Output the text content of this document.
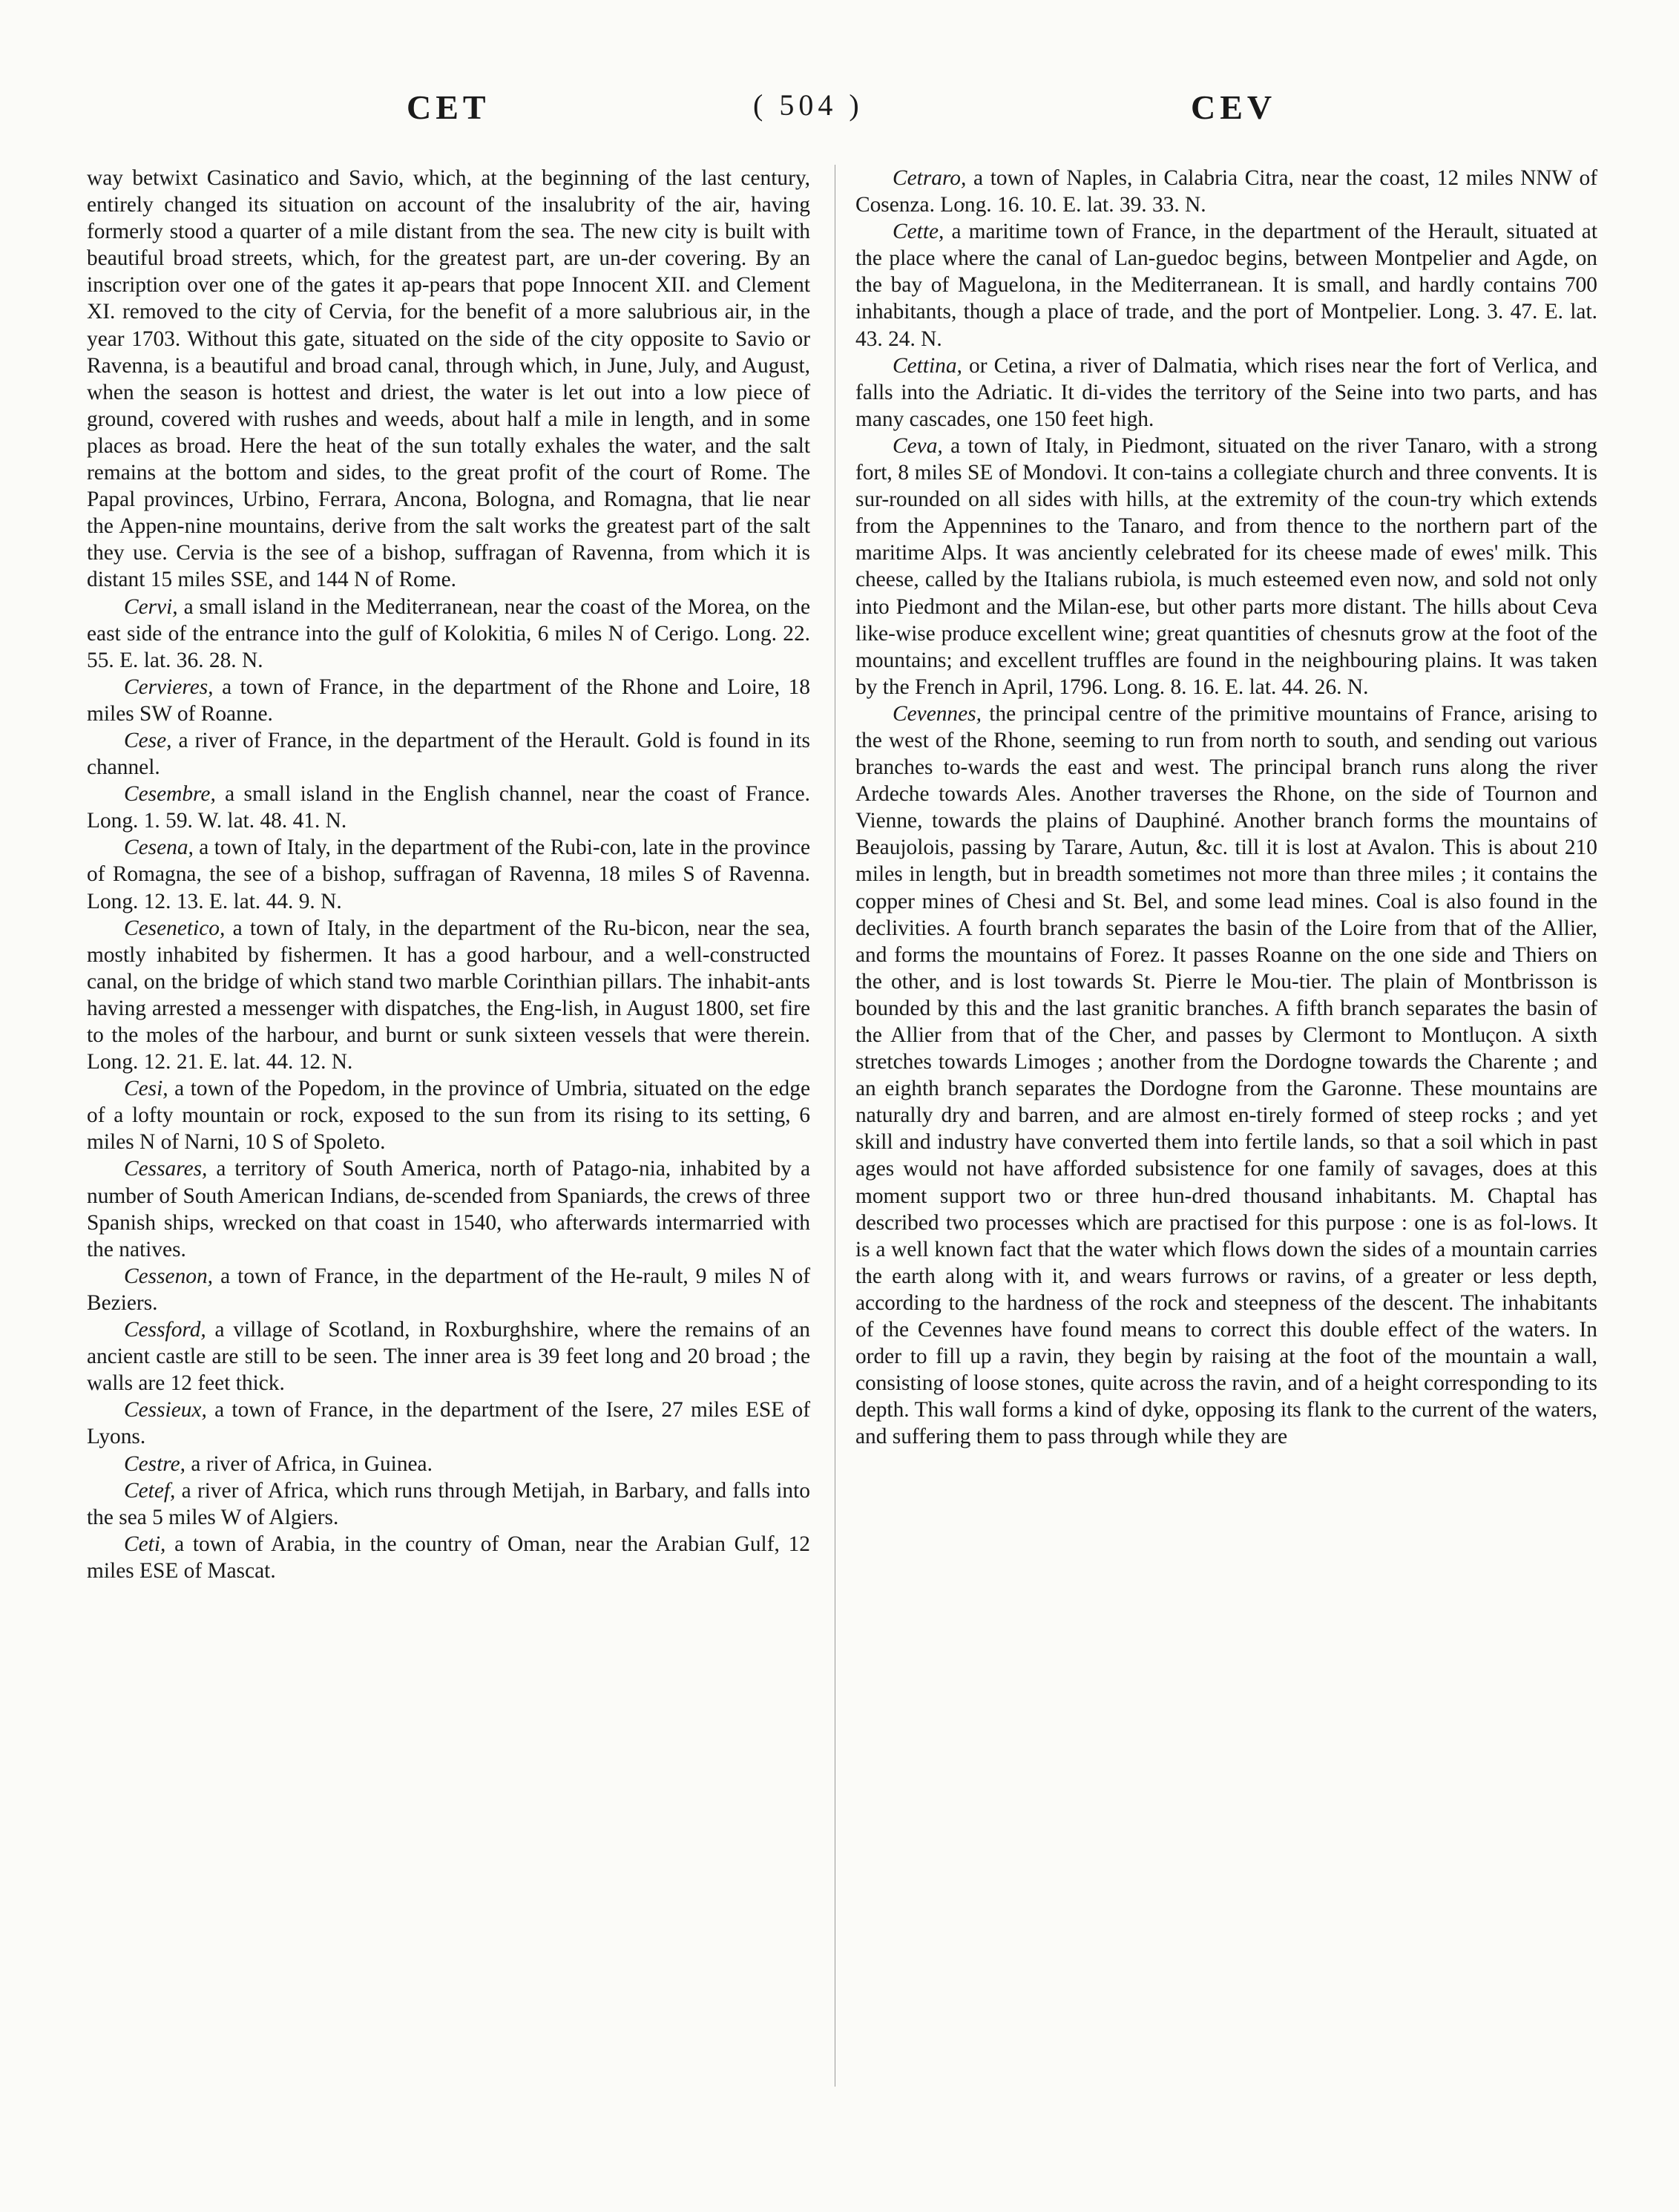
CET	( 504 )	CEV

way betwixt Casinatico and Savio, which, at the beginning of the last century, entirely changed its situation on account of the insalubrity of the air, having formerly stood a quarter of a mile distant from the sea. The new city is built with beautiful broad streets, which, for the greatest part, are un-der covering. By an inscription over one of the gates it ap-pears that pope Innocent XII. and Clement XI. removed to the city of Cervia, for the benefit of a more salubrious air, in the year 1703. Without this gate, situated on the side of the city opposite to Savio or Ravenna, is a beautiful and broad canal, through which, in June, July, and August, when the season is hottest and driest, the water is let out into a low piece of ground, covered with rushes and weeds, about half a mile in length, and in some places as broad. Here the heat of the sun totally exhales the water, and the salt remains at the bottom and sides, to the great profit of the court of Rome. The Papal provinces, Urbino, Ferrara, Ancona, Bologna, and Romagna, that lie near the Appen-nine mountains, derive from the salt works the greatest part of the salt they use. Cervia is the see of a bishop, suffragan of Ravenna, from which it is distant 15 miles SSE, and 144 N of Rome.

Cervi, a small island in the Mediterranean, near the coast of the Morea, on the east side of the entrance into the gulf of Kolokitia, 6 miles N of Cerigo. Long. 22. 55. E. lat. 36. 28. N.

Cervieres, a town of France, in the department of the Rhone and Loire, 18 miles SW of Roanne.

Cese, a river of France, in the department of the Herault. Gold is found in its channel.

Cesembre, a small island in the English channel, near the coast of France. Long. 1. 59. W. lat. 48. 41. N.

Cesena, a town of Italy, in the department of the Rubi-con, late in the province of Romagna, the see of a bishop, suffragan of Ravenna, 18 miles S of Ravenna. Long. 12. 13. E. lat. 44. 9. N.

Cesenetico, a town of Italy, in the department of the Ru-bicon, near the sea, mostly inhabited by fishermen. It has a good harbour, and a well-constructed canal, on the bridge of which stand two marble Corinthian pillars. The inhabit-ants having arrested a messenger with dispatches, the Eng-lish, in August 1800, set fire to the moles of the harbour, and burnt or sunk sixteen vessels that were therein. Long. 12. 21. E. lat. 44. 12. N.

Cesi, a town of the Popedom, in the province of Umbria, situated on the edge of a lofty mountain or rock, exposed to the sun from its rising to its setting, 6 miles N of Narni, 10 S of Spoleto.

Cessares, a territory of South America, north of Patago-nia, inhabited by a number of South American Indians, de-scended from Spaniards, the crews of three Spanish ships, wrecked on that coast in 1540, who afterwards intermarried with the natives.

Cessenon, a town of France, in the department of the He-rault, 9 miles N of Beziers.

Cessford, a village of Scotland, in Roxburghshire, where the remains of an ancient castle are still to be seen. The inner area is 39 feet long and 20 broad ; the walls are 12 feet thick.

Cessieux, a town of France, in the department of the Isere, 27 miles ESE of Lyons.

Cestre, a river of Africa, in Guinea.

Cetef, a river of Africa, which runs through Metijah, in Barbary, and falls into the sea 5 miles W of Algiers.

Ceti, a town of Arabia, in the country of Oman, near the Arabian Gulf, 12 miles ESE of Mascat.

Cetraro, a town of Naples, in Calabria Citra, near the coast, 12 miles NNW of Cosenza. Long. 16. 10. E. lat. 39. 33. N.

Cette, a maritime town of France, in the department of the Herault, situated at the place where the canal of Lan-guedoc begins, between Montpelier and Agde, on the bay of Maguelona, in the Mediterranean. It is small, and hardly contains 700 inhabitants, though a place of trade, and the port of Montpelier. Long. 3. 47. E. lat. 43. 24. N.

Cettina, or Cetina, a river of Dalmatia, which rises near the fort of Verlica, and falls into the Adriatic. It di-vides the territory of the Seine into two parts, and has many cascades, one 150 feet high.

Ceva, a town of Italy, in Piedmont, situated on the river Tanaro, with a strong fort, 8 miles SE of Mondovi. It con-tains a collegiate church and three convents. It is sur-rounded on all sides with hills, at the extremity of the coun-try which extends from the Appennines to the Tanaro, and from thence to the northern part of the maritime Alps. It was anciently celebrated for its cheese made of ewes' milk. This cheese, called by the Italians rubiola, is much esteemed even now, and sold not only into Piedmont and the Milan-ese, but other parts more distant. The hills about Ceva like-wise produce excellent wine; great quantities of chesnuts grow at the foot of the mountains; and excellent truffles are found in the neighbouring plains. It was taken by the French in April, 1796. Long. 8. 16. E. lat. 44. 26. N.

Cevennes, the principal centre of the primitive mountains of France, arising to the west of the Rhone, seeming to run from north to south, and sending out various branches to-wards the east and west. The principal branch runs along the river Ardeche towards Ales. Another traverses the Rhone, on the side of Tournon and Vienne, towards the plains of Dauphiné. Another branch forms the mountains of Beaujolois, passing by Tarare, Autun, &c. till it is lost at Avalon. This is about 210 miles in length, but in breadth sometimes not more than three miles ; it contains the copper mines of Chesi and St. Bel, and some lead mines. Coal is also found in the declivities. A fourth branch separates the basin of the Loire from that of the Allier, and forms the mountains of Forez. It passes Roanne on the one side and Thiers on the other, and is lost towards St. Pierre le Mou-tier. The plain of Montbrisson is bounded by this and the last granitic branches. A fifth branch separates the basin of the Allier from that of the Cher, and passes by Clermont to Montluçon. A sixth stretches towards Limoges ; another from the Dordogne towards the Charente ; and an eighth branch separates the Dordogne from the Garonne. These mountains are naturally dry and barren, and are almost en-tirely formed of steep rocks ; and yet skill and industry have converted them into fertile lands, so that a soil which in past ages would not have afforded subsistence for one family of savages, does at this moment support two or three hun-dred thousand inhabitants. M. Chaptal has described two processes which are practised for this purpose : one is as fol-lows. It is a well known fact that the water which flows down the sides of a mountain carries the earth along with it, and wears furrows or ravins, of a greater or less depth, according to the hardness of the rock and steepness of the descent. The inhabitants of the Cevennes have found means to correct this double effect of the waters. In order to fill up a ravin, they begin by raising at the foot of the mountain a wall, consisting of loose stones, quite across the ravin, and of a height corresponding to its depth. This wall forms a kind of dyke, opposing its flank to the current of the waters, and suffering them to pass through while they are
